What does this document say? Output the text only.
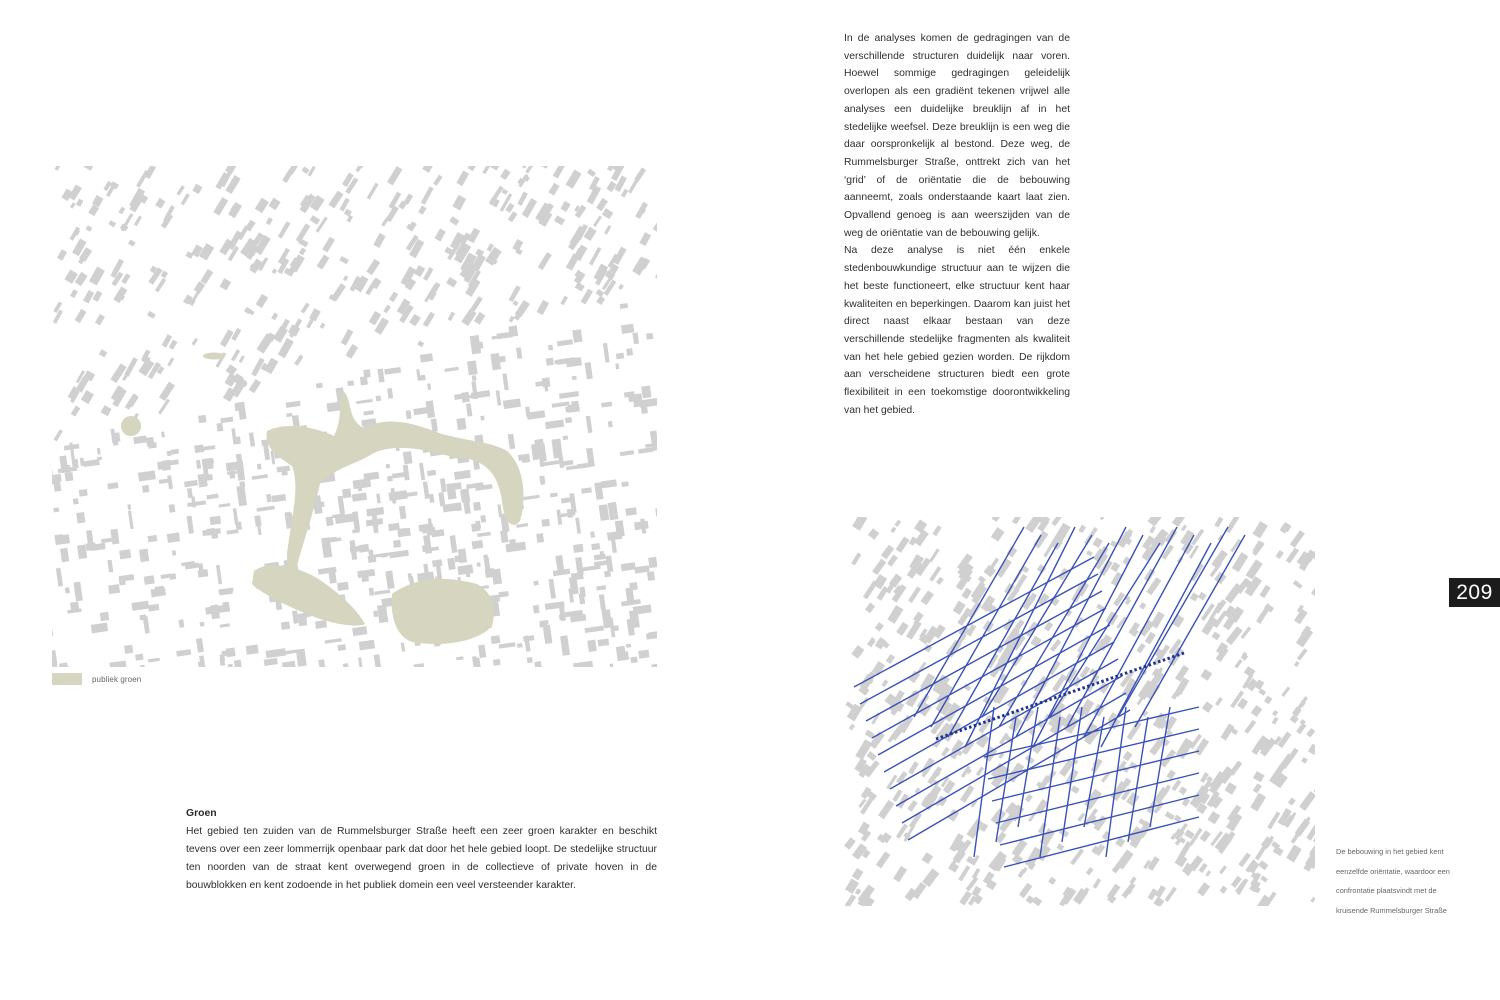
publiek groen

In de analyses komen de gedragingen van de verschillende structuren duidelijk naar voren. Hoewel sommige gedragingen geleidelijk overlopen als een gradiënt tekenen vrijwel alle analyses een duidelijke breuklijn af in het stedelijke weefsel. Deze breuklijn is een weg die daar oorspronkelijk al bestond. Deze weg, de Rummelsburger Straße, onttrekt zich van het ‘grid’ of de oriëntatie die de bebouwing aanneemt, zoals onderstaande kaart laat zien. Opvallend genoeg is aan weerszijden van de weg de oriëntatie van de bebouwing gelijk.

Na deze analyse is niet één enkele stedenbouwkundige structuur aan te wijzen die het beste functioneert, elke structuur kent haar kwaliteiten en beperkingen. Daarom kan juist het direct naast elkaar bestaan van deze verschillende stedelijke fragmenten als kwaliteit van het hele gebied gezien worden. De rijkdom aan verscheidene structuren biedt een grote flexibiliteit in een toekomstige doorontwikkeling van het gebied.

209

De bebouwing in het gebied kent

eenzelfde oriëntatie, waardoor een

confrontatie plaatsvindt met de

kruisende Rummelsburger Straße

Groen

Het gebied ten zuiden van de Rummelsburger Straße heeft een zeer groen karakter en beschikt tevens over een zeer lommerrijk openbaar park dat door het hele gebied loopt. De stedelijke structuur ten noorden van de straat kent overwegend groen in de collectieve of private hoven in de bouwblokken en kent zodoende in het publiek domein een veel versteender karakter.
